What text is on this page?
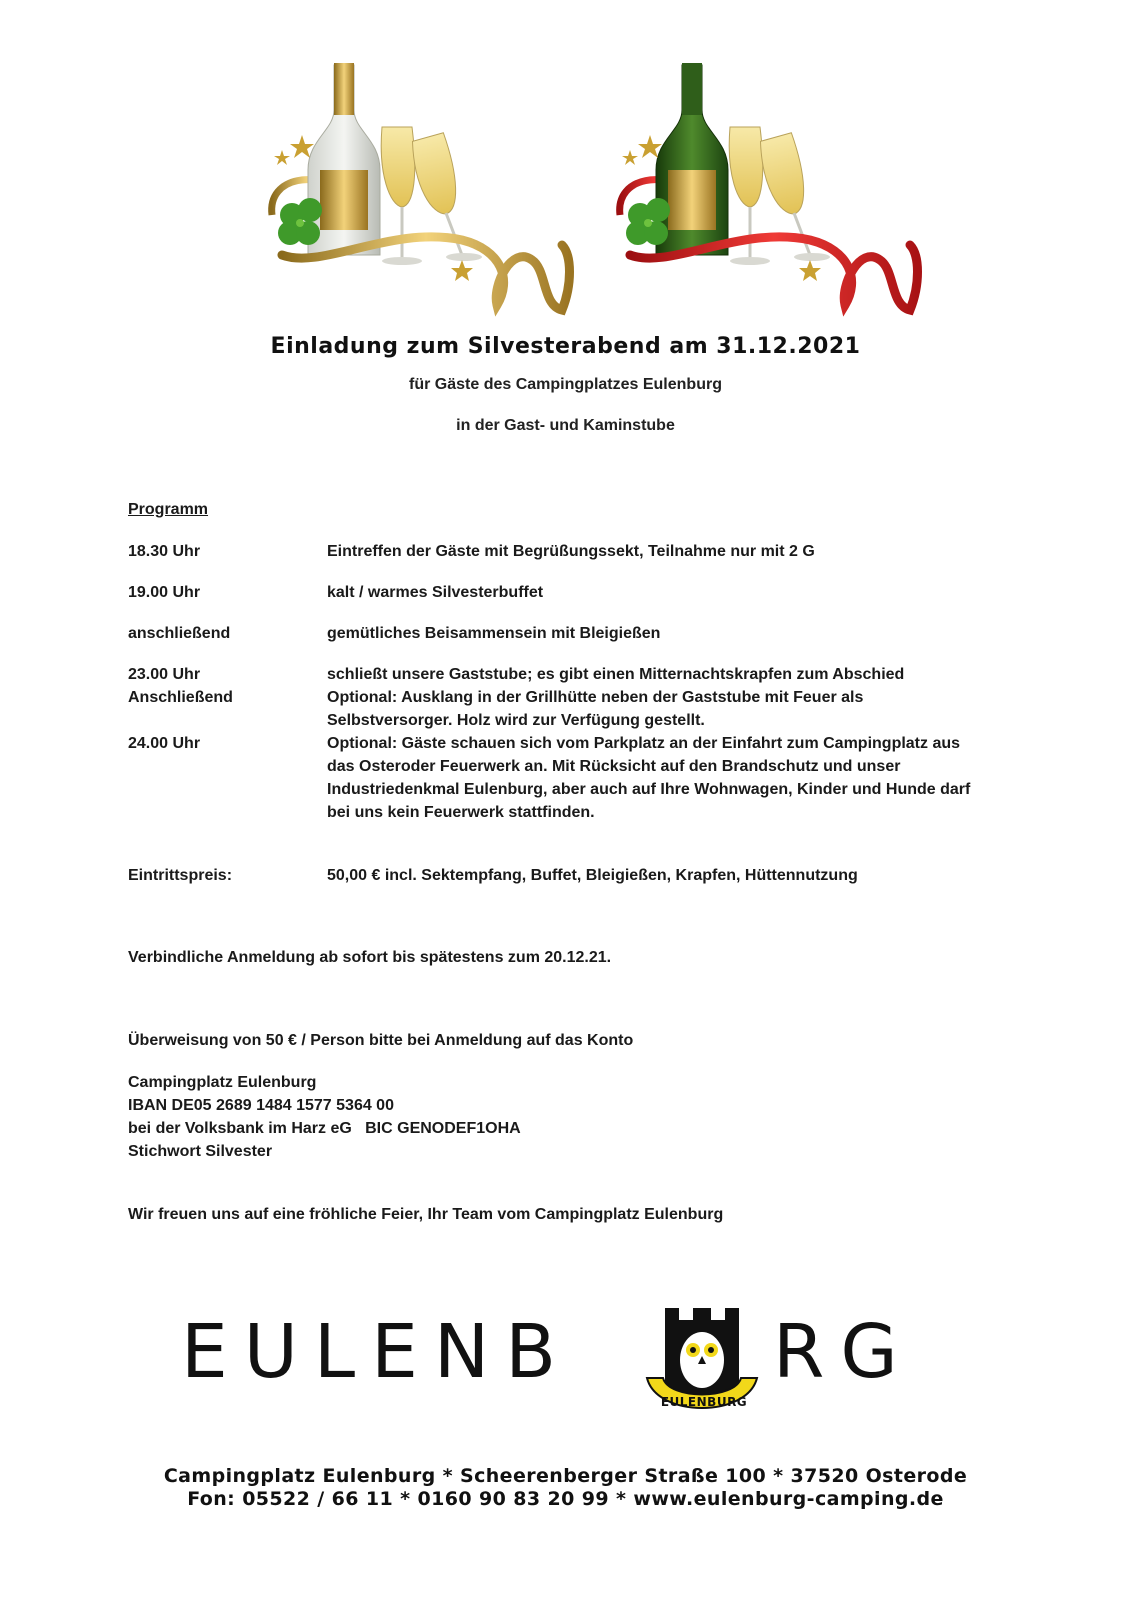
Einladung zum Silvesterabend am 31.12.2021
für Gäste des Campingplatzes Eulenburg
in der Gast- und Kaminstube
Programm
18.30 Uhr	Eintreffen der Gäste mit Begrüßungssekt, Teilnahme nur mit 2 G
19.00 Uhr	kalt / warmes Silvesterbuffet
anschließend	gemütliches Beisammensein mit Bleigießen
23.00 Uhr	schließt unsere Gaststube; es gibt einen Mitternachtskrapfen zum Abschied
Anschließend	Optional: Ausklang in der Grillhütte neben der Gaststube mit Feuer als Selbstversorger. Holz wird zur Verfügung gestellt.
24.00 Uhr	Optional: Gäste schauen sich vom Parkplatz an der Einfahrt zum Campingplatz aus das Osteroder Feuerwerk an. Mit Rücksicht auf den Brandschutz und unser Industriedenkmal Eulenburg, aber auch auf Ihre Wohnwagen, Kinder und Hunde darf bei uns kein Feuerwerk stattfinden.
Eintrittspreis:	50,00 € incl. Sektempfang, Buffet, Bleigießen, Krapfen, Hüttennutzung
Verbindliche Anmeldung ab sofort bis spätestens zum 20.12.21.
Überweisung von 50 € / Person bitte bei Anmeldung auf das Konto
Campingplatz Eulenburg
IBAN DE05 2689 1484 1577 5364 00
bei der Volksbank im Harz eG   BIC GENODEF1OHA
Stichwort Silvester
Wir freuen uns auf eine fröhliche Feier, Ihr Team vom Campingplatz Eulenburg
EULENB
EULENBURG
RG
Campingplatz Eulenburg * Scheerenberger Straße 100 * 37520 Osterode
Fon: 05522 / 66 11 * 0160 90 83 20 99 * www.eulenburg-camping.de
